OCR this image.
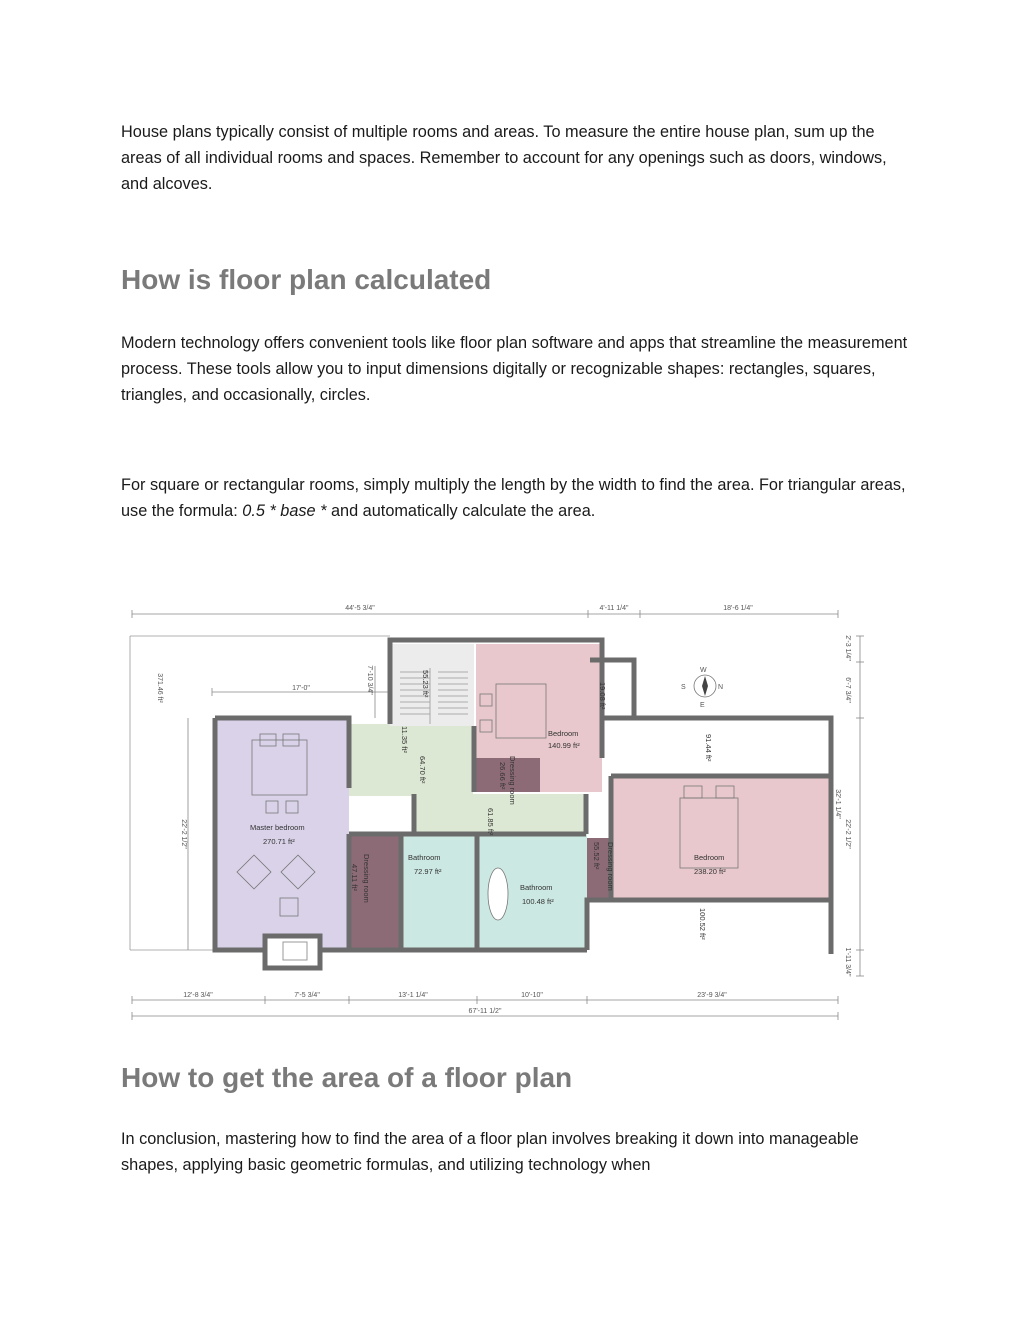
House plans typically consist of multiple rooms and areas. To measure the entire house plan, sum up the areas of all individual rooms and spaces. Remember to account for any openings such as doors, windows, and alcoves.

How is floor plan calculated

Modern technology offers convenient tools like floor plan software and apps that streamline the measurement process. These tools allow you to input dimensions digitally or recognizable shapes: rectangles, squares, triangles, and occasionally, circles.

For square or rectangular rooms, simply multiply the length by the width to find the area. For triangular areas, use the formula: 0.5 * base * and automatically calculate the area.

44'-5 3/4"	4'-11 1/4"	18'-6 1/4"
371.46 ft²	17'-0"	7'-10 3/4"
22'-2 1/2"	Master bedroom
270.71 ft²
Bedroom
140.99 ft²
Bedroom
238.20 ft²
Bathroom
72.97 ft²
Bathroom
100.48 ft²
Dressing room
47.11 ft²
Dressing room
26.66 ft²
Dressing room
55.52 ft²
61.85 ft²
64.70 ft²
11.35 ft²
55.23 ft²	19.08 ft²
91.44 ft²
100.52 ft²
W
N
E
S
2'-3 1/4"
6'-7 3/4"
22'-2 1/2"
32'-1 1/4"
1'-11 3/4"
12'-8 3/4"	7'-5 3/4"	13'-1 1/4"	10'-10"	23'-9 3/4"
67'-11 1/2"
How to get the area of a floor plan

In conclusion, mastering how to find the area of a floor plan involves breaking it down into manageable shapes, applying basic geometric formulas, and utilizing technology when
